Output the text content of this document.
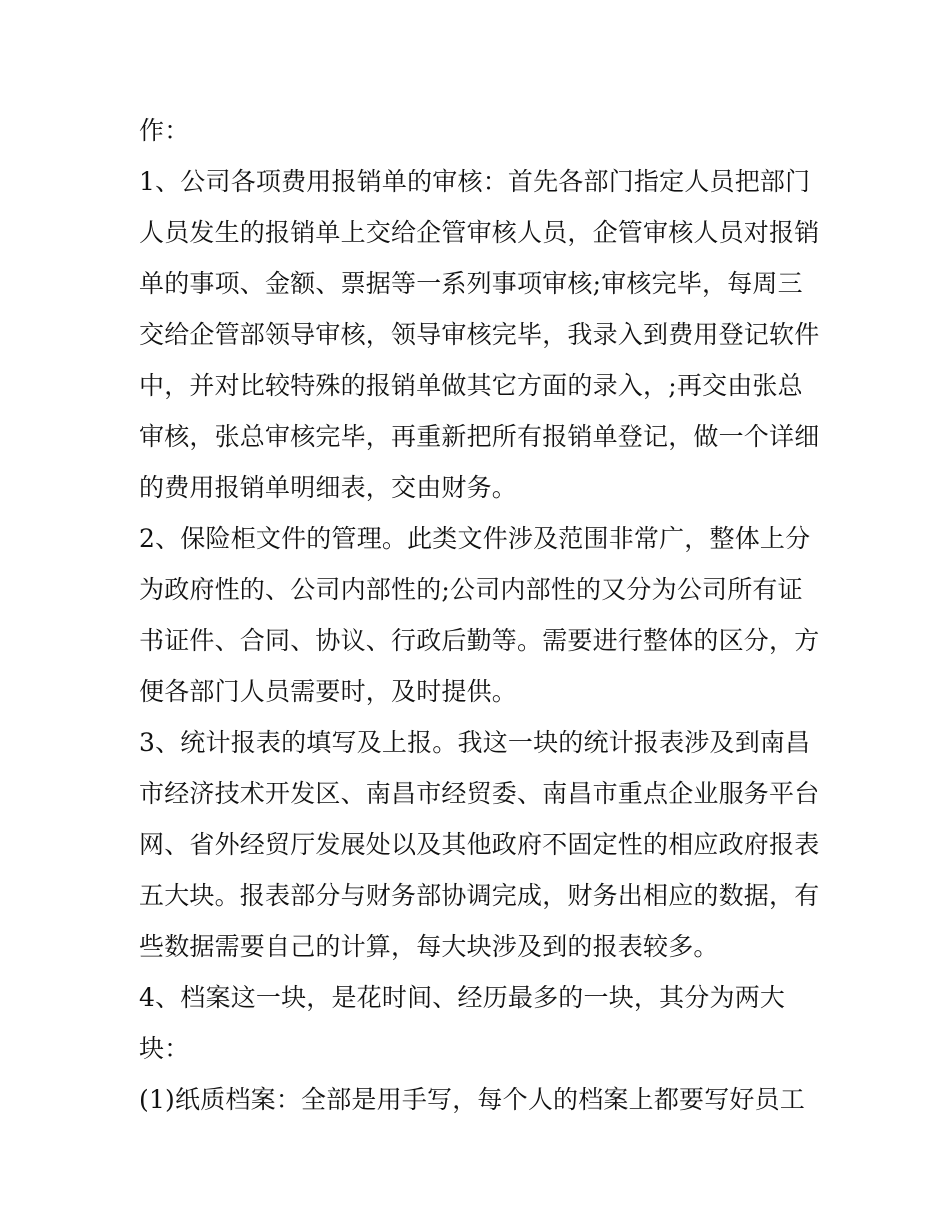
作：
1、公司各项费用报销单的审核：首先各部门指定人员把部门
人员发生的报销单上交给企管审核人员，企管审核人员对报销
单的事项、金额、票据等一系列事项审核;审核完毕，每周三
交给企管部领导审核，领导审核完毕，我录入到费用登记软件
中，并对比较特殊的报销单做其它方面的录入，;再交由张总
审核，张总审核完毕，再重新把所有报销单登记，做一个详细
的费用报销单明细表，交由财务。
2、保险柜文件的管理。此类文件涉及范围非常广，整体上分
为政府性的、公司内部性的;公司内部性的又分为公司所有证
书证件、合同、协议、行政后勤等。需要进行整体的区分，方
便各部门人员需要时，及时提供。
3、统计报表的填写及上报。我这一块的统计报表涉及到南昌
市经济技术开发区、南昌市经贸委、南昌市重点企业服务平台
网、省外经贸厅发展处以及其他政府不固定性的相应政府报表
五大块。报表部分与财务部协调完成，财务出相应的数据，有
些数据需要自己的计算，每大块涉及到的报表较多。
4、档案这一块，是花时间、经历最多的一块，其分为两大
块：
(1)纸质档案：全部是用手写，每个人的档案上都要写好员工
